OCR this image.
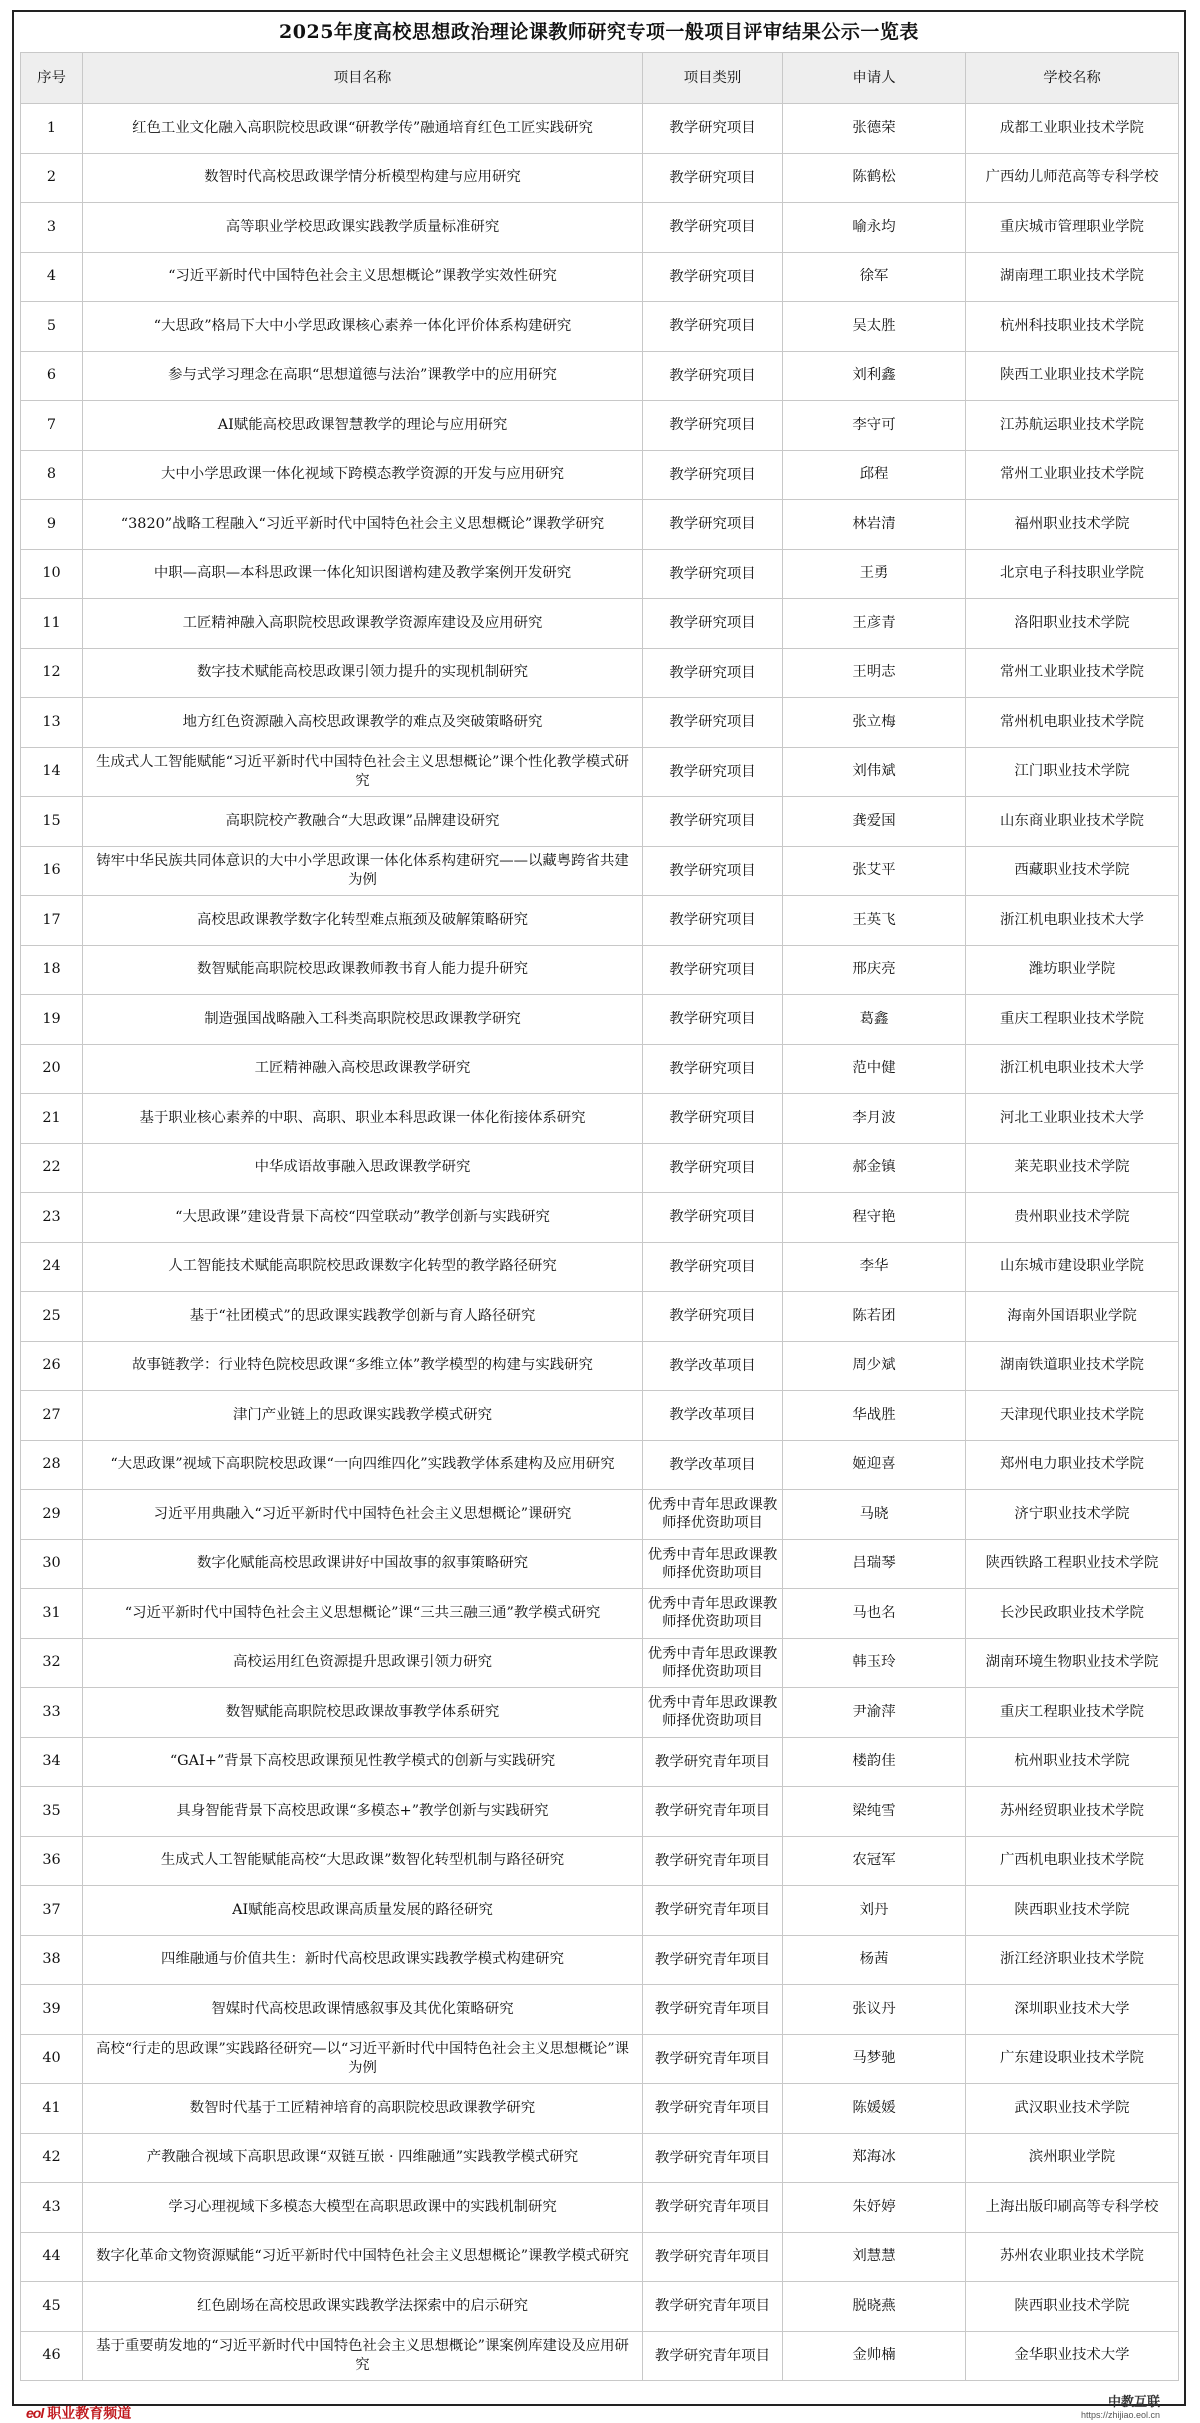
2025年度高校思想政治理论课教师研究专项一般项目评审结果公示一览表
序号	项目名称	项目类别	申请人	学校名称
1	红色工业文化融入高职院校思政课“研教学传”融通培育红色工匠实践研究	教学研究项目	张德荣	成都工业职业技术学院
2	数智时代高校思政课学情分析模型构建与应用研究	教学研究项目	陈鹤松	广西幼儿师范高等专科学校
3	高等职业学校思政课实践教学质量标准研究	教学研究项目	喻永均	重庆城市管理职业学院
4	“习近平新时代中国特色社会主义思想概论”课教学实效性研究	教学研究项目	徐军	湖南理工职业技术学院
5	“大思政”格局下大中小学思政课核心素养一体化评价体系构建研究	教学研究项目	吴太胜	杭州科技职业技术学院
6	参与式学习理念在高职“思想道德与法治”课教学中的应用研究	教学研究项目	刘利鑫	陕西工业职业技术学院
7	AI赋能高校思政课智慧教学的理论与应用研究	教学研究项目	李守可	江苏航运职业技术学院
8	大中小学思政课一体化视域下跨模态教学资源的开发与应用研究	教学研究项目	邱程	常州工业职业技术学院
9	“3820”战略工程融入“习近平新时代中国特色社会主义思想概论”课教学研究	教学研究项目	林岩清	福州职业技术学院
10	中职—高职—本科思政课一体化知识图谱构建及教学案例开发研究	教学研究项目	王勇	北京电子科技职业学院
11	工匠精神融入高职院校思政课教学资源库建设及应用研究	教学研究项目	王彦青	洛阳职业技术学院
12	数字技术赋能高校思政课引领力提升的实现机制研究	教学研究项目	王明志	常州工业职业技术学院
13	地方红色资源融入高校思政课教学的难点及突破策略研究	教学研究项目	张立梅	常州机电职业技术学院
14	生成式人工智能赋能“习近平新时代中国特色社会主义思想概论”课个性化教学模式研究	教学研究项目	刘伟斌	江门职业技术学院
15	高职院校产教融合“大思政课”品牌建设研究	教学研究项目	龚爱国	山东商业职业技术学院
16	铸牢中华民族共同体意识的大中小学思政课一体化体系构建研究——以藏粤跨省共建为例	教学研究项目	张艾平	西藏职业技术学院
17	高校思政课教学数字化转型难点瓶颈及破解策略研究	教学研究项目	王英飞	浙江机电职业技术大学
18	数智赋能高职院校思政课教师教书育人能力提升研究	教学研究项目	邢庆亮	潍坊职业学院
19	制造强国战略融入工科类高职院校思政课教学研究	教学研究项目	葛鑫	重庆工程职业技术学院
20	工匠精神融入高校思政课教学研究	教学研究项目	范中健	浙江机电职业技术大学
21	基于职业核心素养的中职、高职、职业本科思政课一体化衔接体系研究	教学研究项目	李月波	河北工业职业技术大学
22	中华成语故事融入思政课教学研究	教学研究项目	郝金镇	莱芜职业技术学院
23	“大思政课”建设背景下高校“四堂联动”教学创新与实践研究	教学研究项目	程守艳	贵州职业技术学院
24	人工智能技术赋能高职院校思政课数字化转型的教学路径研究	教学研究项目	李华	山东城市建设职业学院
25	基于“社团模式”的思政课实践教学创新与育人路径研究	教学研究项目	陈若团	海南外国语职业学院
26	故事链教学：行业特色院校思政课“多维立体”教学模型的构建与实践研究	教学改革项目	周少斌	湖南铁道职业技术学院
27	津门产业链上的思政课实践教学模式研究	教学改革项目	华战胜	天津现代职业技术学院
28	“大思政课”视域下高职院校思政课“一向四维四化”实践教学体系建构及应用研究	教学改革项目	姬迎喜	郑州电力职业技术学院
29	习近平用典融入“习近平新时代中国特色社会主义思想概论”课研究	优秀中青年思政课教师择优资助项目	马晓	济宁职业技术学院
30	数字化赋能高校思政课讲好中国故事的叙事策略研究	优秀中青年思政课教师择优资助项目	吕瑞琴	陕西铁路工程职业技术学院
31	“习近平新时代中国特色社会主义思想概论”课“三共三融三通”教学模式研究	优秀中青年思政课教师择优资助项目	马也名	长沙民政职业技术学院
32	高校运用红色资源提升思政课引领力研究	优秀中青年思政课教师择优资助项目	韩玉玲	湖南环境生物职业技术学院
33	数智赋能高职院校思政课故事教学体系研究	优秀中青年思政课教师择优资助项目	尹渝萍	重庆工程职业技术学院
34	“GAI+”背景下高校思政课预见性教学模式的创新与实践研究	教学研究青年项目	楼韵佳	杭州职业技术学院
35	具身智能背景下高校思政课“多模态+”教学创新与实践研究	教学研究青年项目	梁纯雪	苏州经贸职业技术学院
36	生成式人工智能赋能高校“大思政课”数智化转型机制与路径研究	教学研究青年项目	农冠军	广西机电职业技术学院
37	AI赋能高校思政课高质量发展的路径研究	教学研究青年项目	刘丹	陕西职业技术学院
38	四维融通与价值共生：新时代高校思政课实践教学模式构建研究	教学研究青年项目	杨茜	浙江经济职业技术学院
39	智媒时代高校思政课情感叙事及其优化策略研究	教学研究青年项目	张议丹	深圳职业技术大学
40	高校“行走的思政课”实践路径研究—以“习近平新时代中国特色社会主义思想概论”课为例	教学研究青年项目	马梦驰	广东建设职业技术学院
41	数智时代基于工匠精神培育的高职院校思政课教学研究	教学研究青年项目	陈媛媛	武汉职业技术学院
42	产教融合视域下高职思政课“双链互嵌 · 四维融通”实践教学模式研究	教学研究青年项目	郑海冰	滨州职业学院
43	学习心理视域下多模态大模型在高职思政课中的实践机制研究	教学研究青年项目	朱妤婷	上海出版印刷高等专科学校
44	数字化革命文物资源赋能“习近平新时代中国特色社会主义思想概论”课教学模式研究	教学研究青年项目	刘慧慧	苏州农业职业技术学院
45	红色剧场在高校思政课实践教学法探索中的启示研究	教学研究青年项目	脱晓燕	陕西职业技术学院
46	基于重要萌发地的“习近平新时代中国特色社会主义思想概论”课案例库建设及应用研究	教学研究青年项目	金帅楠	金华职业技术大学
eol 职业教育频道
中教互联
https://zhijiao.eol.cn
